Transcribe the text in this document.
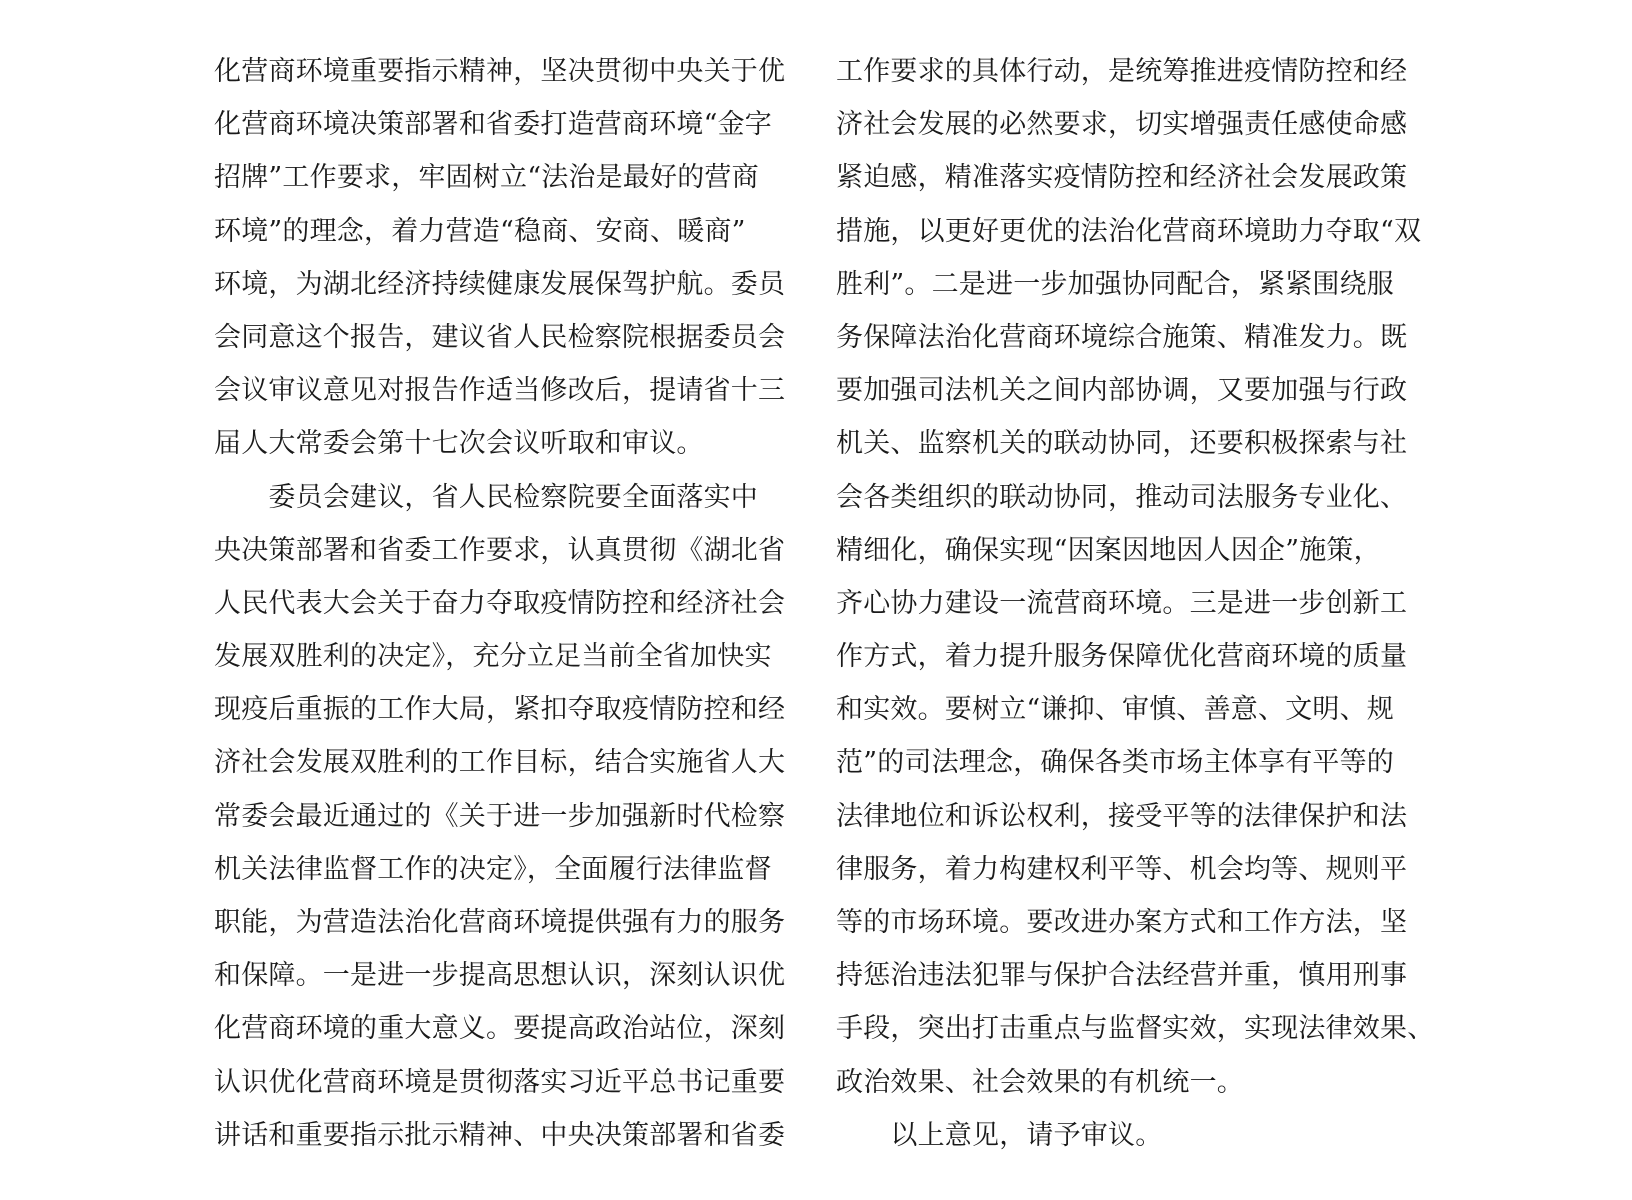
化营商环境重要指示精神，坚决贯彻中央关于优
化营商环境决策部署和省委打造营商环境“金字
招牌”工作要求，牢固树立“法治是最好的营商
环境”的理念，着力营造“稳商、安商、暖商”
环境，为湖北经济持续健康发展保驾护航。委员
会同意这个报告，建议省人民检察院根据委员会
会议审议意见对报告作适当修改后，提请省十三
届人大常委会第十七次会议听取和审议。
　　委员会建议，省人民检察院要全面落实中
央决策部署和省委工作要求，认真贯彻《湖北省
人民代表大会关于奋力夺取疫情防控和经济社会
发展双胜利的决定》，充分立足当前全省加快实
现疫后重振的工作大局，紧扣夺取疫情防控和经
济社会发展双胜利的工作目标，结合实施省人大
常委会最近通过的《关于进一步加强新时代检察
机关法律监督工作的决定》，全面履行法律监督
职能，为营造法治化营商环境提供强有力的服务
和保障。一是进一步提高思想认识，深刻认识优
化营商环境的重大意义。要提高政治站位，深刻
认识优化营商环境是贯彻落实习近平总书记重要
讲话和重要指示批示精神、中央决策部署和省委
工作要求的具体行动，是统筹推进疫情防控和经
济社会发展的必然要求，切实增强责任感使命感
紧迫感，精准落实疫情防控和经济社会发展政策
措施，以更好更优的法治化营商环境助力夺取“双
胜利”。二是进一步加强协同配合，紧紧围绕服
务保障法治化营商环境综合施策、精准发力。既
要加强司法机关之间内部协调，又要加强与行政
机关、监察机关的联动协同，还要积极探索与社
会各类组织的联动协同，推动司法服务专业化、
精细化，确保实现“因案因地因人因企”施策，
齐心协力建设一流营商环境。三是进一步创新工
作方式，着力提升服务保障优化营商环境的质量
和实效。要树立“谦抑、审慎、善意、文明、规
范”的司法理念，确保各类市场主体享有平等的
法律地位和诉讼权利，接受平等的法律保护和法
律服务，着力构建权利平等、机会均等、规则平
等的市场环境。要改进办案方式和工作方法，坚
持惩治违法犯罪与保护合法经营并重，慎用刑事
手段，突出打击重点与监督实效，实现法律效果、
政治效果、社会效果的有机统一。
　　以上意见，请予审议。
